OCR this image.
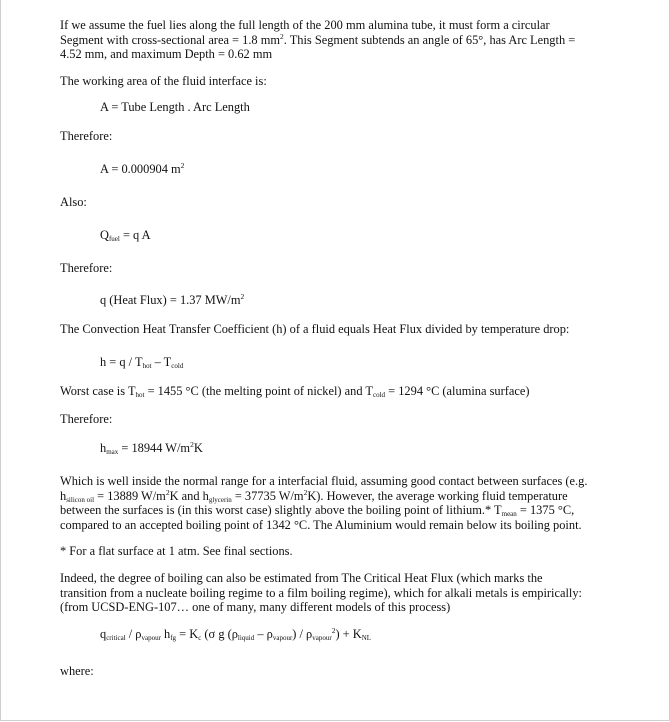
If we assume the fuel lies along the full length of the 200 mm alumina tube, it must form a circular

Segment with cross-sectional area = 1.8 $mm^2$. This Segment subtends an angle of 65°, has Arc Length =

4.52 mm, and maximum Depth = 0.62 mm

The working area of the fluid interface is:

A = Tube Length . Arc Length

Therefore:

A = 0.000904 $m^2$

Also:

Qfuel = q A

Therefore:

q (Heat Flux) = 1.37 $MW/m^2$

The Convection Heat Transfer Coefficient (h) of a fluid equals Heat Flux divided by temperature drop:

h = q / Thot – Tcold

Worst case is Thot = 1455 °C (the melting point of nickel) and Tcold = 1294 °C (alumina surface)

Therefore:

hmax = 18944 $W/m^2K$

Which is well inside the normal range for a interfacial fluid, assuming good contact between surfaces (e.g.

hsilicon oil = 13889 $W/m^2K$ and hglycerin = 37735 $W/m^2K$). However, the average working fluid temperature

between the surfaces is (in this worst case) slightly above the boiling point of lithium.* Tmean = 1375 °C,

compared to an accepted boiling point of 1342 °C. The Aluminium would remain below its boiling point.

* For a flat surface at 1 atm. See final sections.

Indeed, the degree of boiling can also be estimated from The Critical Heat Flux (which marks the

transition from a nucleate boiling regime to a film boiling regime), which for alkali metals is empirically:

(from UCSD-ENG-107… one of many, many different models of this process)

qcritical / ρvapour hfg = Kc (σ g (ρliquid – ρvapour) / ρvapour$^2$) + KNL

where:
